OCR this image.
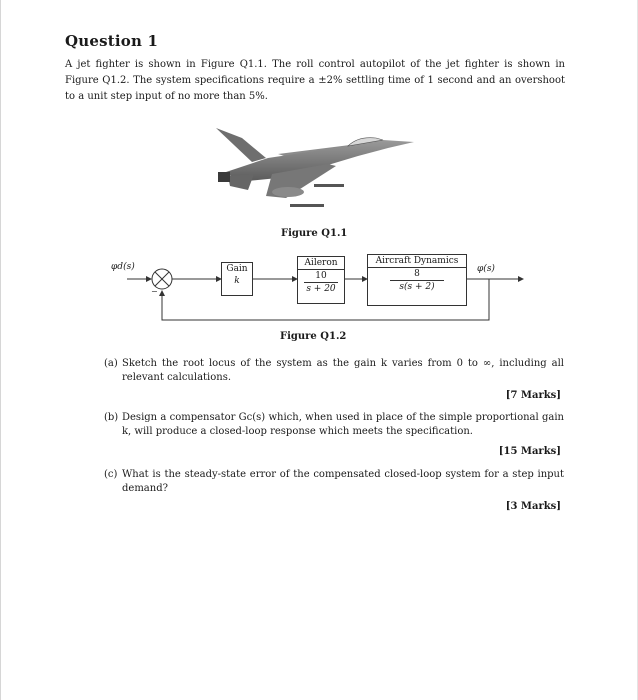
Question 1
A jet fighter is shown in Figure Q1.1. The roll control autopilot of the jet fighter is shown in Figure Q1.2. The system specifications require a ±2% settling time of 1 second and an overshoot to a unit step input of no more than 5%.
Figure Q1.1
−
φd(s)	φ(s)
Gain
k
Aileron
10
s + 20
Aircraft Dynamics
8
s(s + 2)
Figure Q1.2
(a) Sketch the root locus of the system as the gain k varies from 0 to ∞, including all relevant calculations.
[7 Marks]
(b) Design a compensator Gc(s) which, when used in place of the simple proportional gain k, will produce a closed-loop response which meets the specification.
[15 Marks]
(c) What is the steady-state error of the compensated closed-loop system for a step input demand?
[3 Marks]
